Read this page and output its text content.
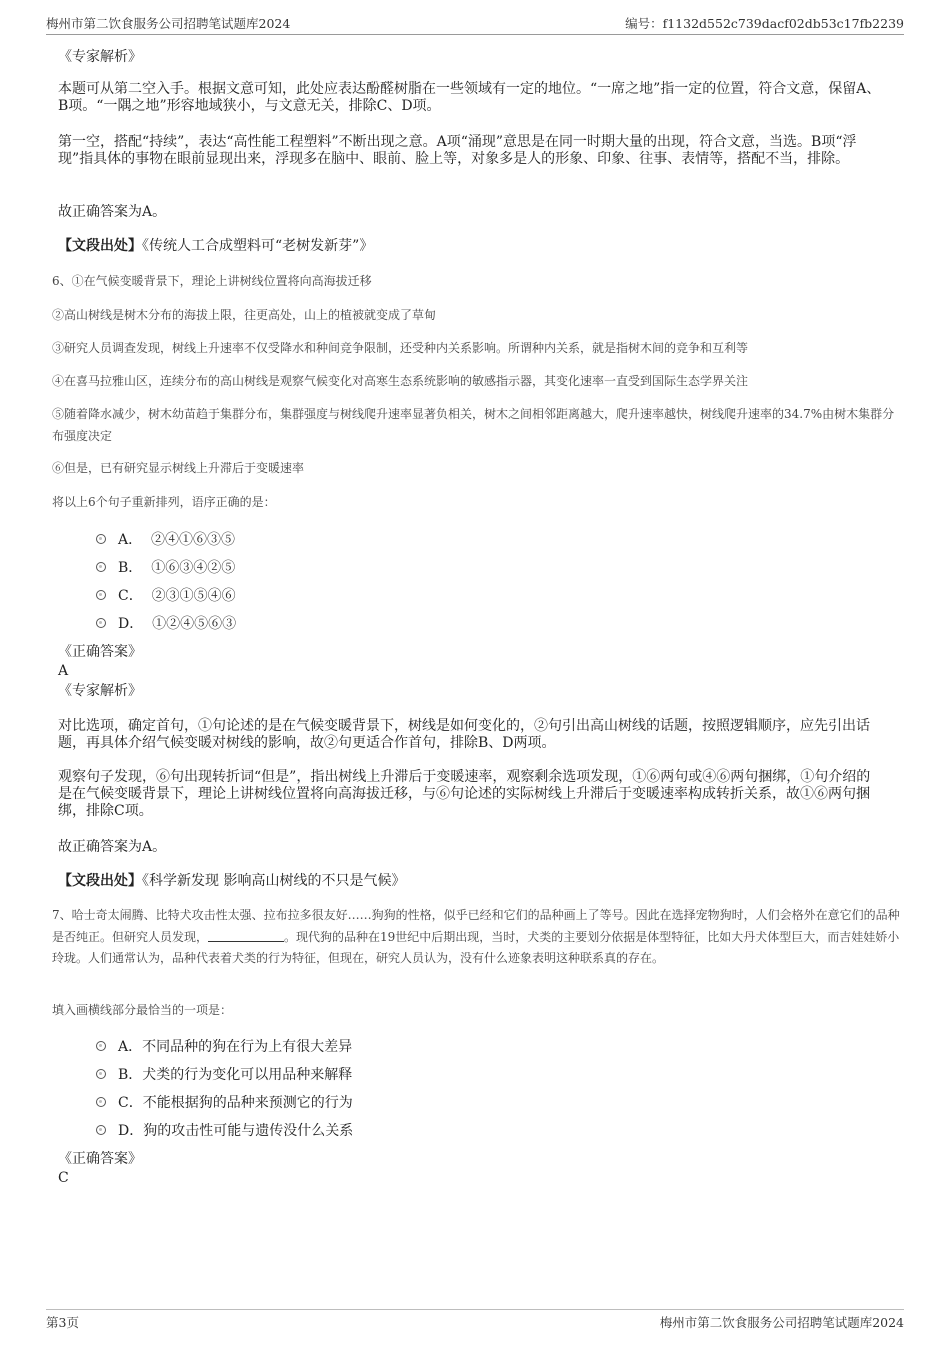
梅州市第二饮食服务公司招聘笔试题库2024	编号：f1132d552c739dacf02db53c17fb2239
《专家解析》
本题可从第二空入手。根据文意可知，此处应表达酚醛树脂在一些领域有一定的地位。“一席之地”指一定的位置，符合文意，保留A、B项。“一隅之地”形容地域狭小，与文意无关，排除C、D项。
第一空，搭配“持续”，表达“高性能工程塑料”不断出现之意。A项“涌现”意思是在同一时期大量的出现，符合文意，当选。B项“浮现”指具体的事物在眼前显现出来，浮现多在脑中、眼前、脸上等，对象多是人的形象、印象、往事、表情等，搭配不当，排除。
故正确答案为A。
【文段出处】《传统人工合成塑料可“老树发新芽”》
6、①在气候变暖背景下，理论上讲树线位置将向高海拔迁移
②高山树线是树木分布的海拔上限，往更高处，山上的植被就变成了草甸
③研究人员调查发现，树线上升速率不仅受降水和种间竞争限制，还受种内关系影响。所谓种内关系，就是指树木间的竞争和互利等
④在喜马拉雅山区，连续分布的高山树线是观察气候变化对高寒生态系统影响的敏感指示器，其变化速率一直受到国际生态学界关注
⑤随着降水减少，树木幼苗趋于集群分布，集群强度与树线爬升速率显著负相关，树木之间相邻距离越大，爬升速率越快，树线爬升速率的34.7%由树木集群分布强度决定
⑥但是，已有研究显示树线上升滞后于变暖速率
将以上6个句子重新排列，语序正确的是：
A． ②④①⑥③⑤
B． ①⑥③④②⑤
C． ②③①⑤④⑥
D． ①②④⑤⑥③
《正确答案》
A
《专家解析》
对比选项，确定首句，①句论述的是在气候变暖背景下，树线是如何变化的，②句引出高山树线的话题，按照逻辑顺序，应先引出话题，再具体介绍气候变暖对树线的影响，故②句更适合作首句，排除B、D两项。
观察句子发现，⑥句出现转折词“但是”，指出树线上升滞后于变暖速率，观察剩余选项发现，①⑥两句或④⑥两句捆绑，①句介绍的是在气候变暖背景下，理论上讲树线位置将向高海拔迁移，与⑥句论述的实际树线上升滞后于变暖速率构成转折关系，故①⑥两句捆绑，排除C项。
故正确答案为A。
【文段出处】《科学新发现 影响高山树线的不只是气候》
7、哈士奇太闹腾、比特犬攻击性太强、拉布拉多很友好……狗狗的性格，似乎已经和它们的品种画上了等号。因此在选择宠物狗时，人们会格外在意它们的品种是否纯正。但研究人员发现，	。现代狗的品种在19世纪中后期出现，当时，犬类的主要划分依据是体型特征，比如大丹犬体型巨大，而吉娃娃娇小玲珑。人们通常认为，品种代表着犬类的行为特征，但现在，研究人员认为，没有什么迹象表明这种联系真的存在。
填入画横线部分最恰当的一项是：
A．不同品种的狗在行为上有很大差异
B．犬类的行为变化可以用品种来解释
C．不能根据狗的品种来预测它的行为
D．狗的攻击性可能与遗传没什么关系
《正确答案》
C
第3页	梅州市第二饮食服务公司招聘笔试题库2024
